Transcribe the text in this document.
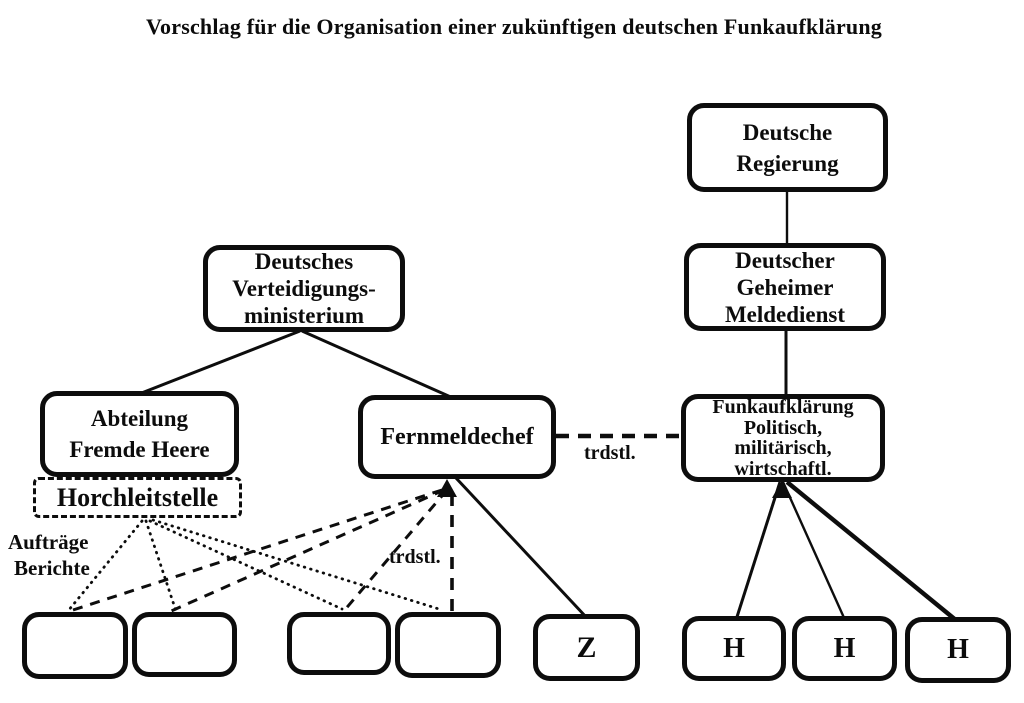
Vorschlag für die Organisation einer zukünftigen deutschen Funkaufklärung
Deutsche
Regierung
Deutscher
Geheimer
Meldedienst
Funkaufklärung
Politisch,
militärisch,
wirtschaftl.
Deutsches
Verteidigungs-
ministerium
Abteilung
Fremde Heere	Fernmeldechef
Horchleitstelle
Z	H	H	H
trdstl.
trdstl.
Aufträge
Berichte
